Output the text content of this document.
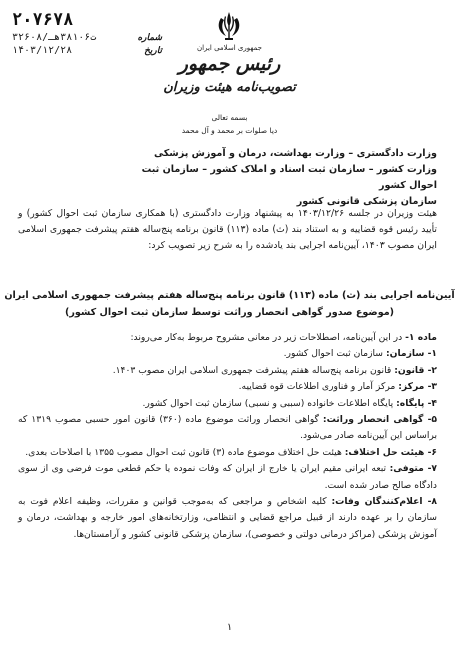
۲۰۷۶۷۸
شماره
۳۲۶۰۸/ت۳۸۱۰۶هـ
تاریخ
۱۴۰۳/۱۲/۲۸	جمهوری اسلامی ایران
رئیس جمهور
تصویب‌نامه هیئت وزیران
بسمه تعالی
دیا صلوات بر محمد و آل محمد
وزارت دادگستری – وزارت بهداشت، درمان و آموزش پزشکی
وزارت کشور – سازمان ثبت اسناد و املاک کشور – سازمان ثبت احوال کشور
سازمان پزشکی قانونی کشور
هیئت وزیران در جلسه ۱۴۰۳/۱۲/۲۶ به پیشنهاد وزارت دادگستری (با همکاری سازمان ثبت احوال کشور) و تأیید رئیس قوه قضاییه و به استناد بند (ث) ماده (۱۱۳) قانون برنامه پنج‌ساله هفتم پیشرفت جمهوری اسلامی ایران مصوب ۱۴۰۳، آیین‌نامه اجرایی بند یادشده را به شرح زیر تصویب کرد:
آیین‌نامه اجرایی بند (ث) ماده (۱۱۳) قانون برنامه پنج‌ساله هفتم پیشرفت جمهوری اسلامی ایران
(موضوع صدور گواهی انحصار وراثت توسط سازمان ثبت احوال کشور)

ماده ۱- در این آیین‌نامه، اصطلاحات زیر در معانی مشروح مربوط به‌کار می‌روند:

۱- سازمان: سازمان ثبت احوال کشور.

۲- قانون: قانون برنامه پنج‌ساله هفتم پیشرفت جمهوری اسلامی ایران مصوب ۱۴۰۳.

۳- مرکز: مرکز آمار و فناوری اطلاعات قوه قضاییه.

۴- پایگاه: پایگاه اطلاعات خانواده (سببی و نسبی) سازمان ثبت احوال کشور.

۵- گواهی انحصار وراثت: گواهی انحصار وراثت موضوع ماده (۳۶۰) قانون امور حسبی مصوب ۱۳۱۹ که براساس این آیین‌نامه صادر می‌شود.

۶- هیئت حل اختلاف: هیئت حل اختلاف موضوع ماده (۳) قانون ثبت احوال مصوب ۱۳۵۵ با اصلاحات بعدی.

۷- متوفی: تبعه ایرانی مقیم ایران یا خارج از ایران که وفات نموده یا حکم قطعی موت فرضی وی از سوی دادگاه صالح صادر شده است.

۸- اعلام‌کنندگان وفات: کلیه اشخاص و مراجعی که به‌موجب قوانین و مقررات، وظیفه اعلام فوت به سازمان را بر عهده دارند از قبیل مراجع قضایی و انتظامی، وزارتخانه‌های امور خارجه و بهداشت، درمان و آموزش پزشکی (مراکز درمانی دولتی و خصوصی)، سازمان پزشکی قانونی کشور و آرامستان‌ها.

۱
